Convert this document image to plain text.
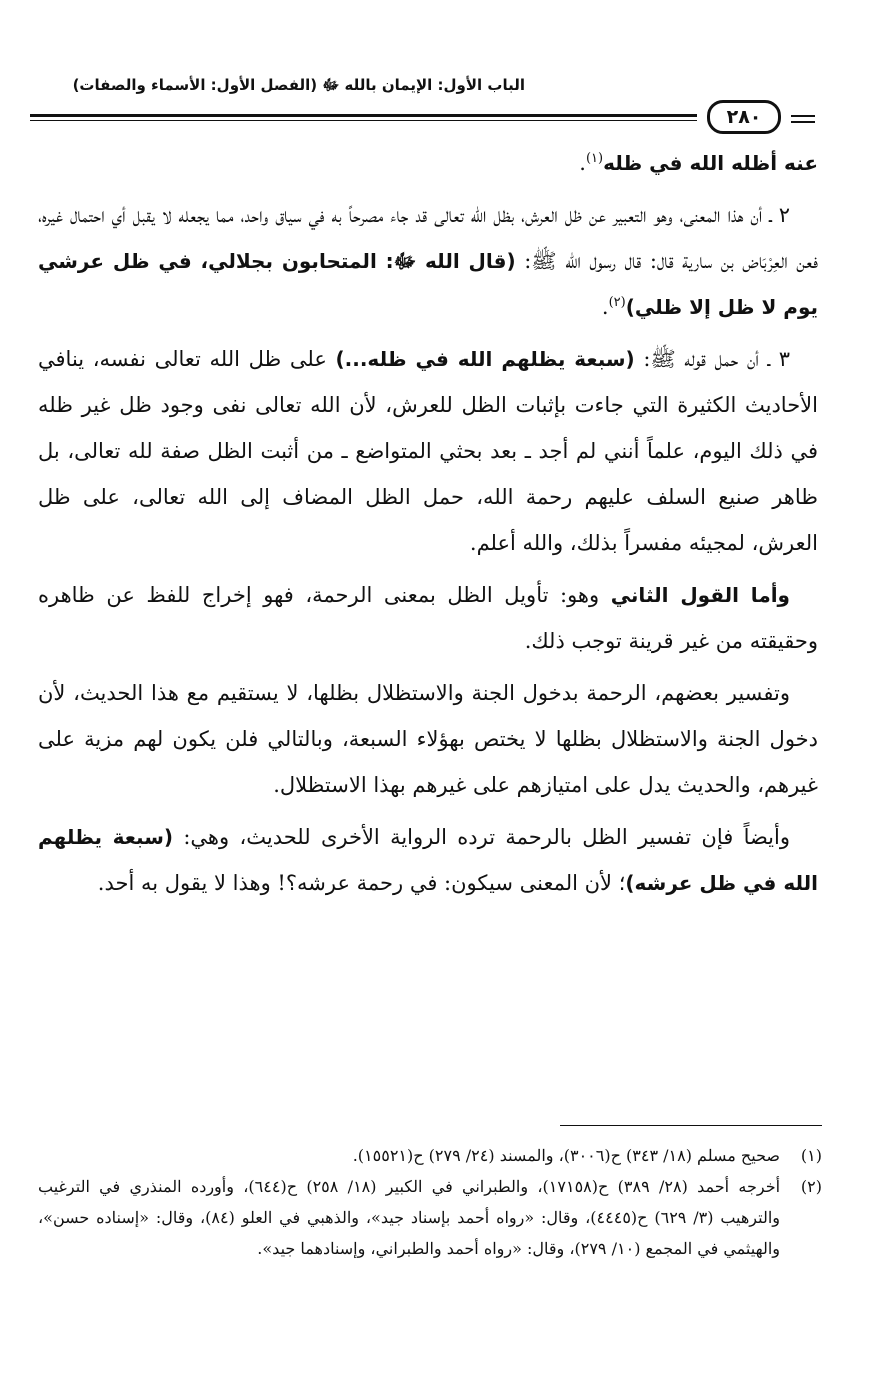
الباب الأول: الإيمان بالله ﷻ (الفصل الأول: الأسماء والصفات)
٢٨٠

عنه أظله الله في ظله$^{(١)}$.

٢ ـ أن هذا المعنى، وهو التعبير عن ظل العرش، بظل الله تعالى قد جاء مصرحاً به في سياق واحد، مما يجعله لا يقبل أي احتمال غيره، فعن العِرْبَاض بن سارية قال: قال رسول الله ﷺ: (قال الله ﷻ: المتحابون بجلالي، في ظل عرشي يوم لا ظل إلا ظلي)$^{(٢)}$.

٣ ـ أن حمل قوله ﷺ: (سبعة يظلهم الله في ظله...) على ظل الله تعالى نفسه، ينافي الأحاديث الكثيرة التي جاءت بإثبات الظل للعرش، لأن الله تعالى نفى وجود ظل غير ظله في ذلك اليوم، علماً أنني لم أجد ـ بعد بحثي المتواضع ـ من أثبت الظل صفة لله تعالى، بل ظاهر صنيع السلف عليهم رحمة الله، حمل الظل المضاف إلى الله تعالى، على ظل العرش، لمجيئه مفسراً بذلك، والله أعلم.

وأما القول الثاني وهو: تأويل الظل بمعنى الرحمة، فهو إخراج للفظ عن ظاهره وحقيقته من غير قرينة توجب ذلك.

وتفسير بعضهم، الرحمة بدخول الجنة والاستظلال بظلها، لا يستقيم مع هذا الحديث، لأن دخول الجنة والاستظلال بظلها لا يختص بهؤلاء السبعة، وبالتالي فلن يكون لهم مزية على غيرهم، والحديث يدل على امتيازهم على غيرهم بهذا الاستظلال.

وأيضاً فإن تفسير الظل بالرحمة ترده الرواية الأخرى للحديث، وهي: (سبعة يظلهم الله في ظل عرشه)؛ لأن المعنى سيكون: في رحمة عرشه؟! وهذا لا يقول به أحد.

(١)
صحيح مسلم (١٨/ ٣٤٣) ح(٣٠٠٦)، والمسند (٢٤/ ٢٧٩) ح(١٥٥٢١).
(٢)
أخرجه أحمد (٢٨/ ٣٨٩) ح(١٧١٥٨)، والطبراني في الكبير (١٨/ ٢٥٨) ح(٦٤٤)، وأورده المنذري في الترغيب والترهيب (٣/ ٦٢٩) ح(٤٤٤٥)، وقال: «رواه أحمد بإسناد جيد»، والذهبي في العلو (٨٤)، وقال: «إسناده حسن»، والهيثمي في المجمع (١٠/ ٢٧٩)، وقال: «رواه أحمد والطبراني، وإسنادهما جيد».
